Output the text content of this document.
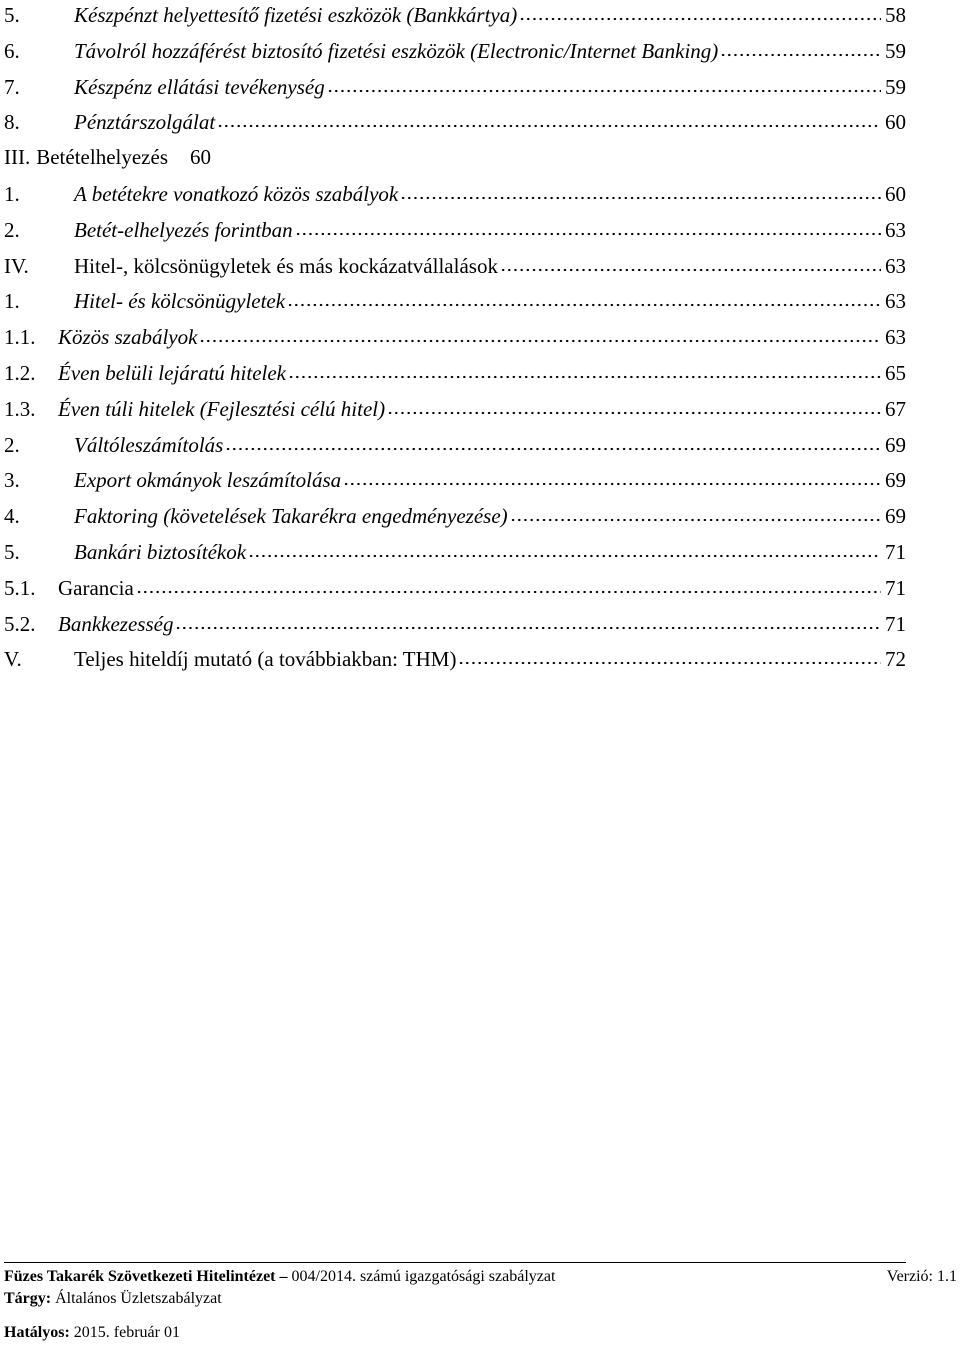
5.	Készpénzt helyettesítő fizetési eszközök (Bankkártya)	58
6.	Távolról hozzáférést biztosító fizetési eszközök (Electronic/Internet Banking)	59
7.	Készpénz ellátási tevékenység	59
8.	Pénztárszolgálat	60
III. Betételhelyezés 60
1.	A betétekre vonatkozó közös szabályok	60
2.	Betét-elhelyezés forintban	63
IV.	Hitel-, kölcsönügyletek és más kockázatvállalások	63
1.	Hitel- és kölcsönügyletek	63
1.1.	Közös szabályok	63
1.2.	Éven belüli lejáratú hitelek	65
1.3.	Éven túli hitelek (Fejlesztési célú hitel)	67
2.	Váltóleszámítolás	69
3.	Export okmányok leszámítolása	69
4.	Faktoring (követelések Takarékra engedményezése)	69
5.	Bankári biztosítékok	71
5.1.	Garancia	71
5.2.	Bankkezesség	71
V.	Teljes hiteldíj mutató (a továbbiakban: THM)	72
Füzes Takarék Szövetkezeti Hitelintézet – 004/2014. számú igazgatósági szabályzat	Verzió: 1.1
Tárgy: Általános Üzletszabályzat
Hatályos: 2015. február 01
